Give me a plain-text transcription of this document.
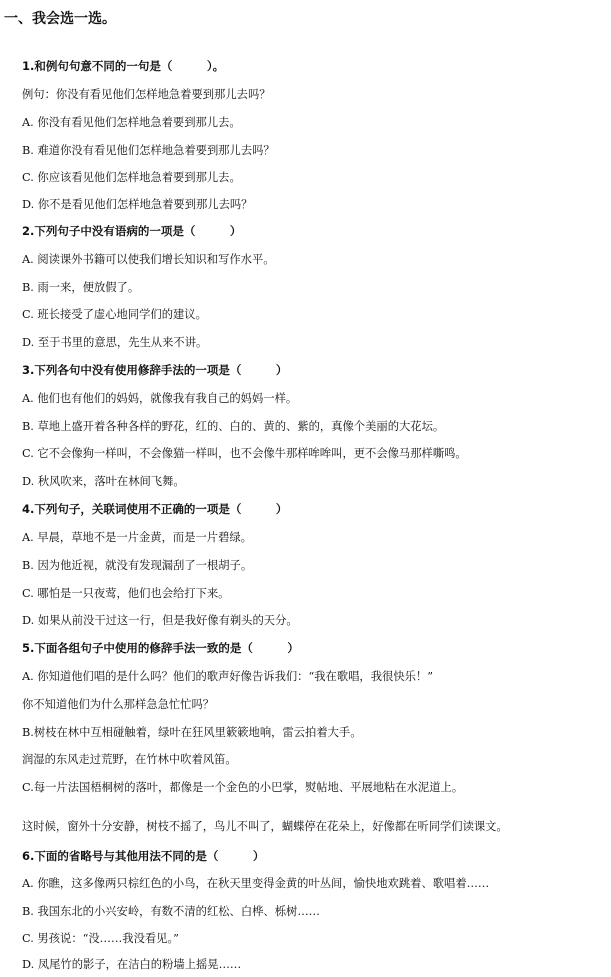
一、我会选一选。
1.和例句句意不同的一句是（　　　）。
例句：你没有看见他们怎样地急着要到那儿去吗？
A. 你没有看见他们怎样地急着要到那儿去。
B. 难道你没有看见他们怎样地急着要到那儿去吗？
C. 你应该看见他们怎样地急着要到那儿去。
D. 你不是看见他们怎样地急着要到那儿去吗？
2.下列句子中没有语病的一项是（　　　）
A. 阅读课外书籍可以使我们增长知识和写作水平。
B. 雨一来，便放假了。
C. 班长接受了虚心地同学们的建议。
D. 至于书里的意思，先生从来不讲。
3.下列各句中没有使用修辞手法的一项是（　　　）
A. 他们也有他们的妈妈，就像我有我自己的妈妈一样。
B. 草地上盛开着各种各样的野花，红的、白的、黄的、紫的，真像个美丽的大花坛。
C. 它不会像狗一样叫，不会像猫一样叫，也不会像牛那样哞哞叫，更不会像马那样嘶鸣。
D. 秋风吹来，落叶在林间飞舞。
4.下列句子，关联词使用不正确的一项是（　　　）
A. 早晨，草地不是一片金黄，而是一片碧绿。
B. 因为他近视，就没有发现漏刮了一根胡子。
C. 哪怕是一只夜莺，他们也会给打下来。
D. 如果从前没干过这一行，但是我好像有剃头的天分。
5.下面各组句子中使用的修辞手法一致的是（　　　）
A. 你知道他们唱的是什么吗？他们的歌声好像告诉我们：“我在歌唱，我很快乐！”
你不知道他们为什么那样急急忙忙吗？
B.树枝在林中互相碰触着，绿叶在狂风里簌簌地响，雷云拍着大手。
润湿的东风走过荒野，在竹林中吹着风笛。
C.每一片法国梧桐树的落叶，都像是一个金色的小巴掌，熨帖地、平展地粘在水泥道上。
这时候，窗外十分安静，树枝不摇了，鸟儿不叫了，蝴蝶停在花朵上，好像都在听同学们读课文。
6.下面的省略号与其他用法不同的是（　　　）
A. 你瞧，这多像两只棕红色的小鸟，在秋天里变得金黄的叶丛间，愉快地欢跳着、歌唱着……
B. 我国东北的小兴安岭，有数不清的红松、白桦、栎树……
C. 男孩说：“没……我没看见。”
D. 凤尾竹的影子，在洁白的粉墙上摇晃……
